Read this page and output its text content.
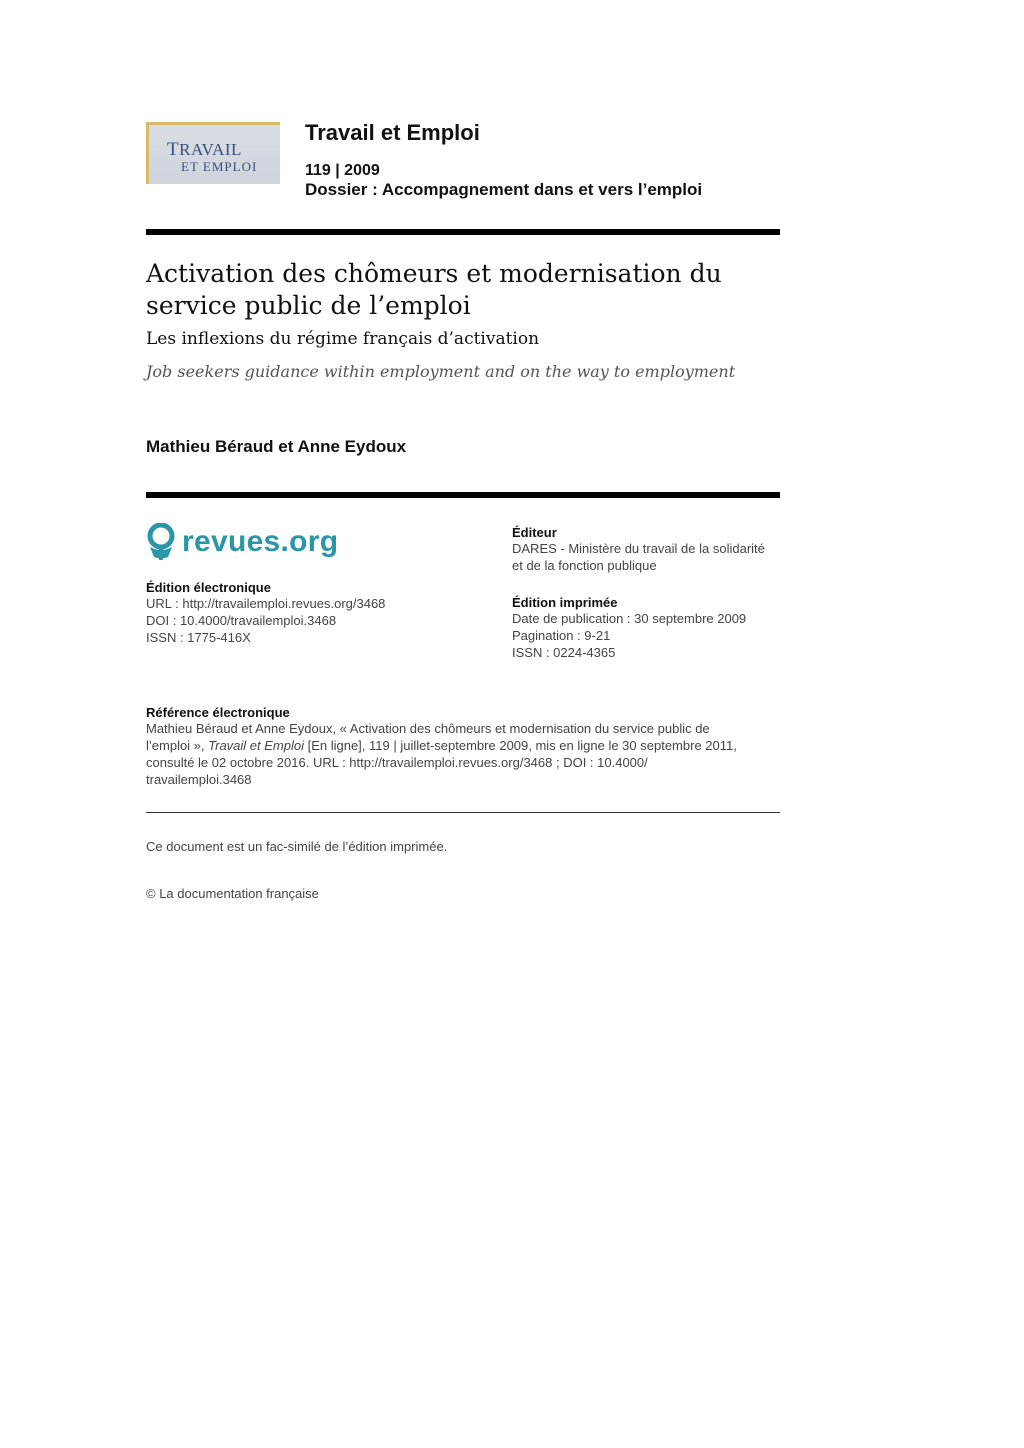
TRAVAIL
ET EMPLOI
Travail et Emploi
119 | 2009
Dossier : Accompagnement dans et vers l’emploi
Activation des chômeurs et modernisation du service public de l’emploi
Les inflexions du régime français d’activation
Job seekers guidance within employment and on the way to employment
Mathieu Béraud et Anne Eydoux
revues.org
Édition électronique
URL : http://travailemploi.revues.org/3468
DOI : 10.4000/travailemploi.3468
ISSN : 1775-416X
Éditeur
DARES - Ministère du travail de la solidarité
et de la fonction publique
Édition imprimée
Date de publication : 30 septembre 2009
Pagination : 9-21
ISSN : 0224-4365
Référence électronique
Mathieu Béraud et Anne Eydoux, « Activation des chômeurs et modernisation du service public de
l’emploi », Travail et Emploi [En ligne], 119 | juillet-septembre 2009, mis en ligne le 30 septembre 2011,
consulté le 02 octobre 2016. URL : http://travailemploi.revues.org/3468 ; DOI : 10.4000/
travailemploi.3468
Ce document est un fac-similé de l’édition imprimée.
© La documentation française
